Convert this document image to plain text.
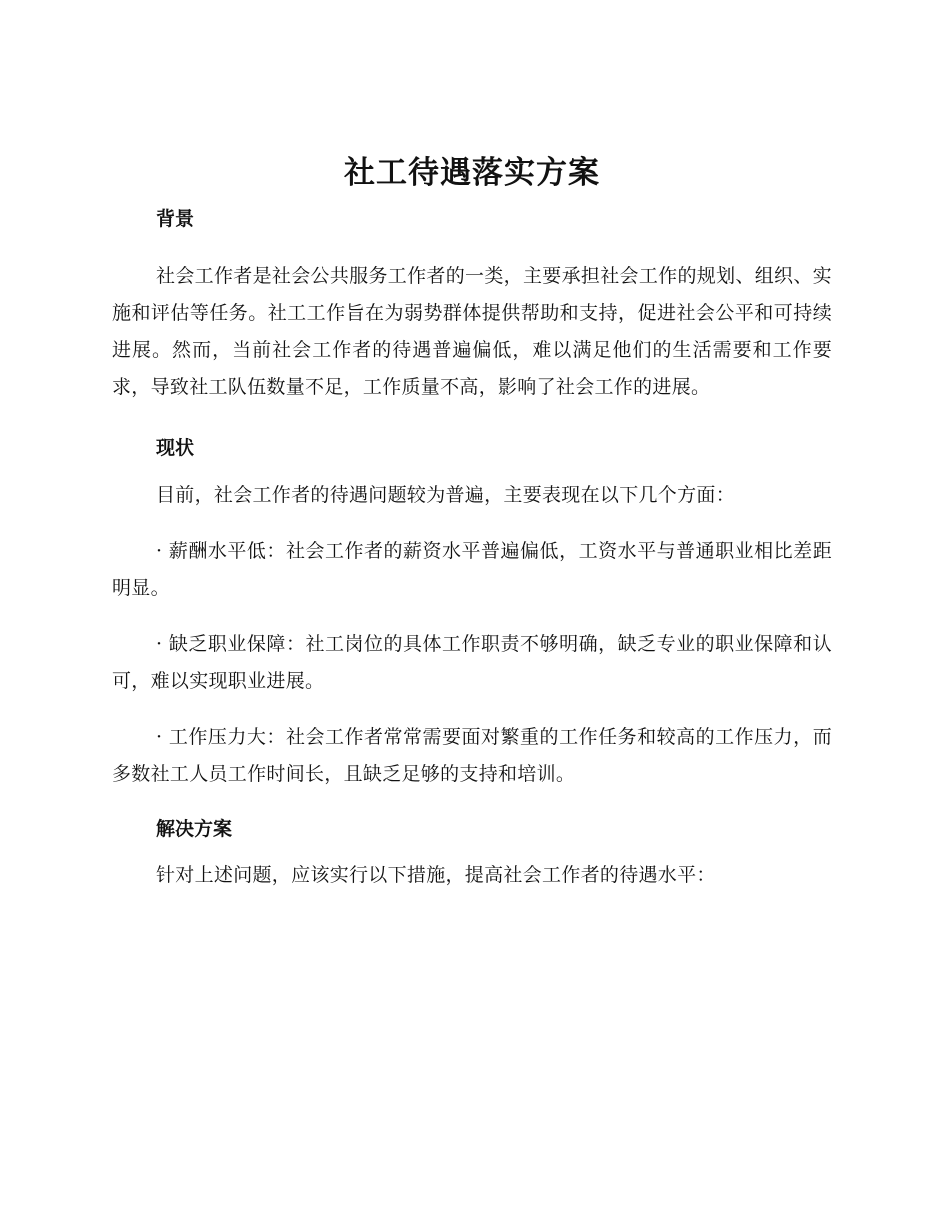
社工待遇落实方案
背景

社会工作者是社会公共服务工作者的一类，主要承担社会工作的规划、组织、实施和评估等任务。社工工作旨在为弱势群体提供帮助和支持，促进社会公平和可持续进展。然而，当前社会工作者的待遇普遍偏低，难以满足他们的生活需要和工作要求，导致社工队伍数量不足，工作质量不高，影响了社会工作的进展。

现状

目前，社会工作者的待遇问题较为普遍，主要表现在以下几个方面：

· 薪酬水平低：社会工作者的薪资水平普遍偏低，工资水平与普通职业相比差距明显。

· 缺乏职业保障：社工岗位的具体工作职责不够明确，缺乏专业的职业保障和认可，难以实现职业进展。

· 工作压力大：社会工作者常常需要面对繁重的工作任务和较高的工作压力，而多数社工人员工作时间长，且缺乏足够的支持和培训。

解决方案

针对上述问题，应该实行以下措施，提高社会工作者的待遇水平：
